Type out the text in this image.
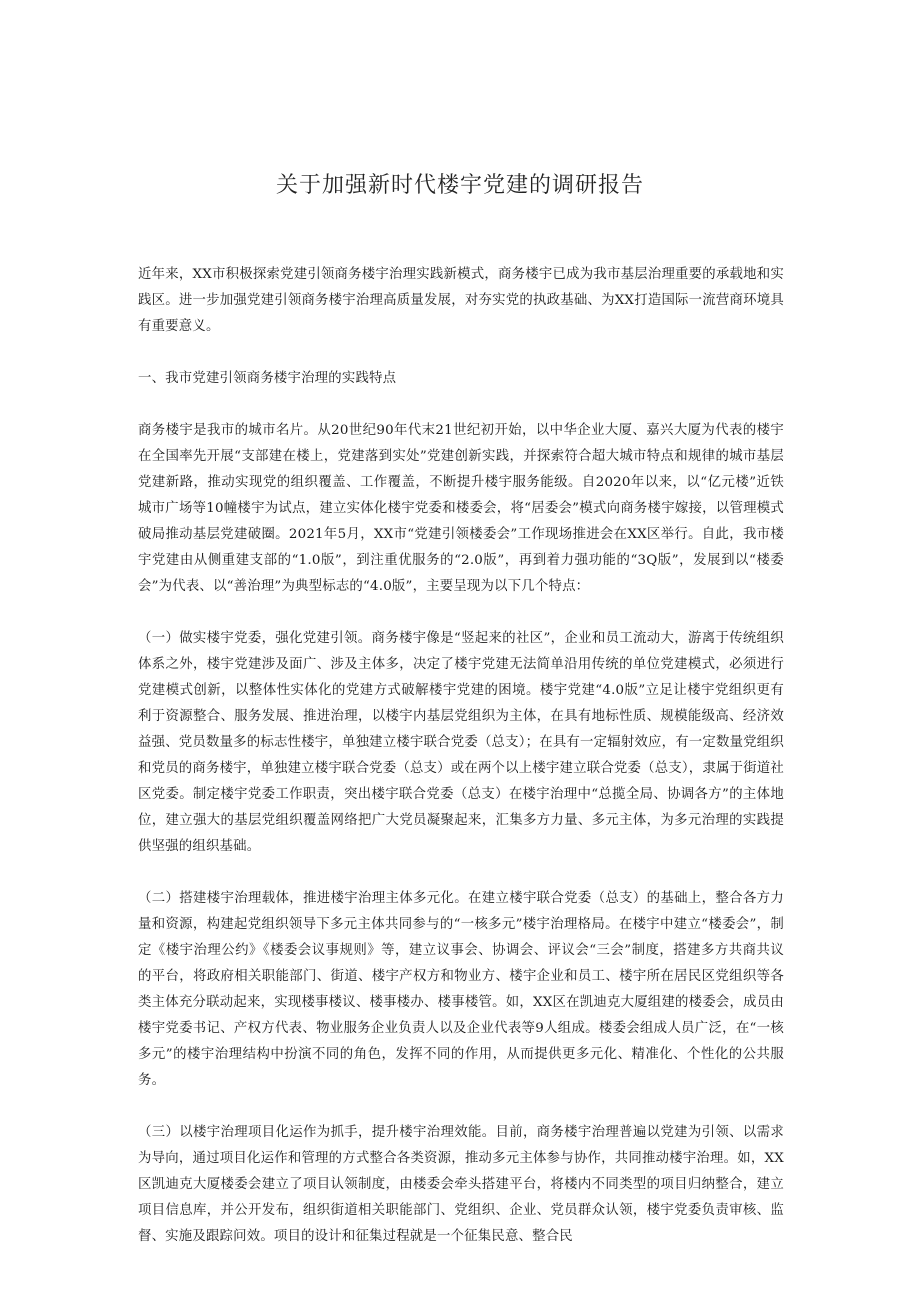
关于加强新时代楼宇党建的调研报告

近年来，XX市积极探索党建引领商务楼宇治理实践新模式，商务楼宇已成为我市基层治理重要的承载地和实践区。进一步加强党建引领商务楼宇治理高质量发展，对夯实党的执政基础、为XX打造国际一流营商环境具有重要意义。

一、我市党建引领商务楼宇治理的实践特点

商务楼宇是我市的城市名片。从20世纪90年代末21世纪初开始，以中华企业大厦、嘉兴大厦为代表的楼宇在全国率先开展“支部建在楼上，党建落到实处”党建创新实践，并探索符合超大城市特点和规律的城市基层党建新路，推动实现党的组织覆盖、工作覆盖，不断提升楼宇服务能级。自2020年以来，以“亿元楼”近铁城市广场等10幢楼宇为试点，建立实体化楼宇党委和楼委会，将“居委会”模式向商务楼宇嫁接，以管理模式破局推动基层党建破圈。2021年5月，XX市“党建引领楼委会”工作现场推进会在XX区举行。自此，我市楼宇党建由从侧重建支部的“1.0版”，到注重优服务的“2.0版”，再到着力强功能的“3Q版”，发展到以“楼委会”为代表、以“善治理”为典型标志的“4.0版”，主要呈现为以下几个特点：

（一）做实楼宇党委，强化党建引领。商务楼宇像是“竖起来的社区”，企业和员工流动大，游离于传统组织体系之外，楼宇党建涉及面广、涉及主体多，决定了楼宇党建无法简单沿用传统的单位党建模式，必须进行党建模式创新，以整体性实体化的党建方式破解楼宇党建的困境。楼宇党建“4.0版”立足让楼宇党组织更有利于资源整合、服务发展、推进治理，以楼宇内基层党组织为主体，在具有地标性质、规模能级高、经济效益强、党员数量多的标志性楼宇，单独建立楼宇联合党委（总支）；在具有一定辐射效应，有一定数量党组织和党员的商务楼宇，单独建立楼宇联合党委（总支）或在两个以上楼宇建立联合党委（总支），隶属于街道社区党委。制定楼宇党委工作职责，突出楼宇联合党委（总支）在楼宇治理中“总揽全局、协调各方”的主体地位，建立强大的基层党组织覆盖网络把广大党员凝聚起来，汇集多方力量、多元主体，为多元治理的实践提供坚强的组织基础。

（二）搭建楼宇治理载体，推进楼宇治理主体多元化。在建立楼宇联合党委（总支）的基础上，整合各方力量和资源，构建起党组织领导下多元主体共同参与的“一核多元”楼宇治理格局。在楼宇中建立“楼委会”，制定《楼宇治理公约》《楼委会议事规则》等，建立议事会、协调会、评议会“三会”制度，搭建多方共商共议的平台，将政府相关职能部门、街道、楼宇产权方和物业方、楼宇企业和员工、楼宇所在居民区党组织等各类主体充分联动起来，实现楼事楼议、楼事楼办、楼事楼管。如，XX区在凯迪克大厦组建的楼委会，成员由楼宇党委书记、产权方代表、物业服务企业负责人以及企业代表等9人组成。楼委会组成人员广泛，在“一核多元”的楼宇治理结构中扮演不同的角色，发挥不同的作用，从而提供更多元化、精准化、个性化的公共服务。

（三）以楼宇治理项目化运作为抓手，提升楼宇治理效能。目前，商务楼宇治理普遍以党建为引领、以需求为导向，通过项目化运作和管理的方式整合各类资源，推动多元主体参与协作，共同推动楼宇治理。如，XX区凯迪克大厦楼委会建立了项目认领制度，由楼委会牵头搭建平台，将楼内不同类型的项目归纳整合，建立项目信息库，并公开发布，组织街道相关职能部门、党组织、企业、党员群众认领，楼宇党委负责审核、监督、实施及跟踪问效。项目的设计和征集过程就是一个征集民意、整合民
